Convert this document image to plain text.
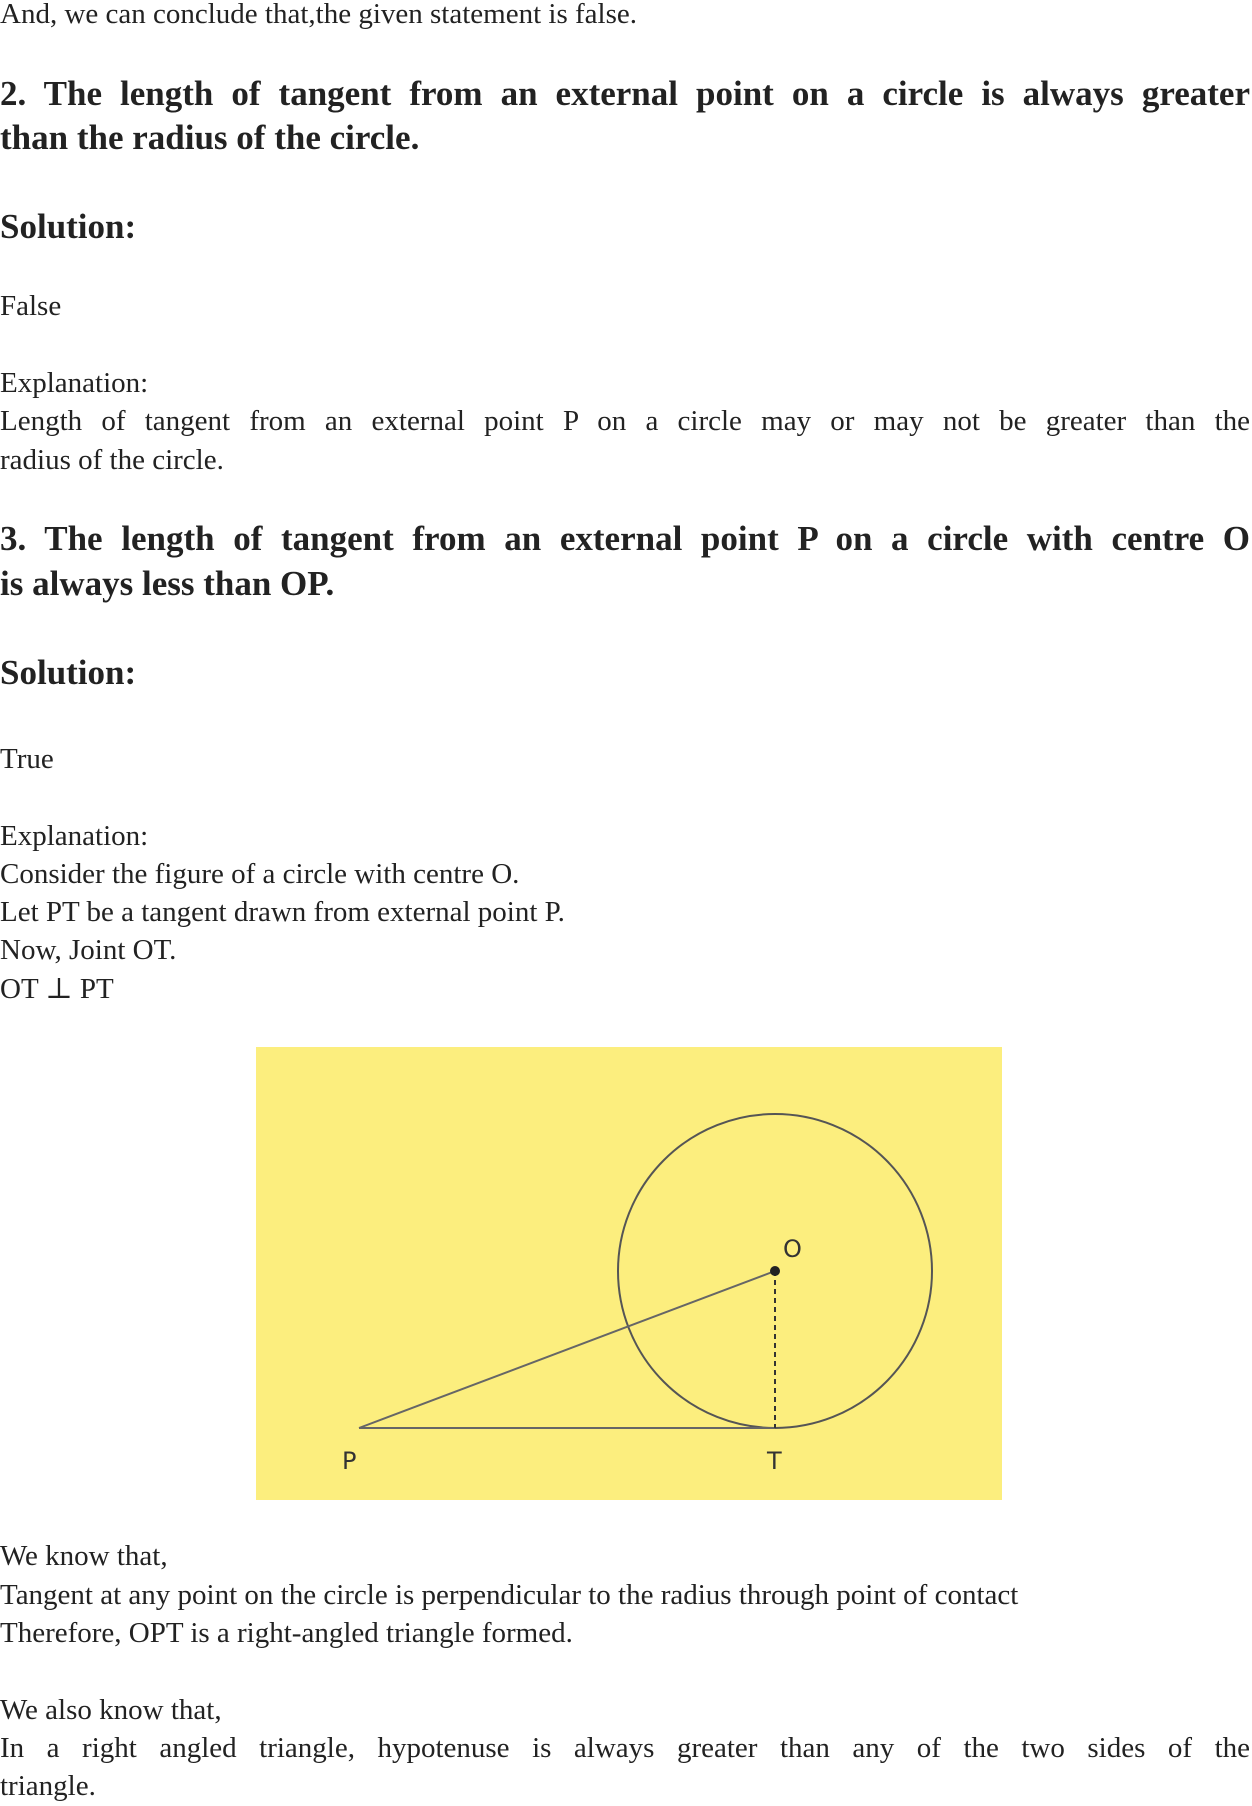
And, we can conclude that,the given statement is false.
2. The length of tangent from an external point on a circle is always greater
than the radius of the circle.
Solution:
False
Explanation:
Length of tangent from an external point P on a circle may or may not be greater than the
radius of the circle.
3. The length of tangent from an external point P on a circle with centre O
is always less than OP.
Solution:
True
Explanation:
Consider the figure of a circle with centre O.
Let PT be a tangent drawn from external point P.
Now, Joint OT.
OT ⊥ PT
O
P	T
We know that,
Tangent at any point on the circle is perpendicular to the radius through point of contact
Therefore, OPT is a right-angled triangle formed.
We also know that,
In a right angled triangle, hypotenuse is always greater than any of the two sides of the
triangle.
